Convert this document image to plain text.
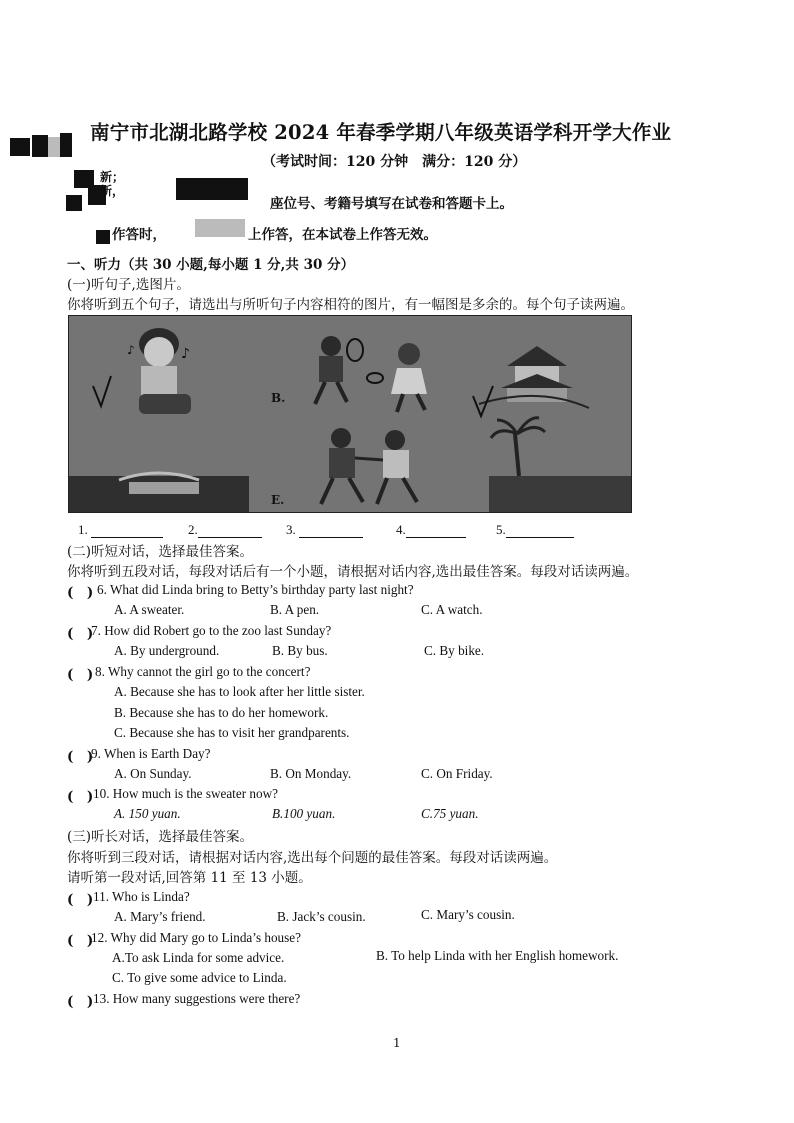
南宁市北湖北路学校 2024 年春季学期八年级英语学科开学大作业
（考试时间：120 分钟　满分：120 分）
新；
新，
座位号、考籍号填写在试卷和答题卡上。
作答时，	上作答，在本试卷上作答无效。
一、听力（共 30 小题,每小题 1 分,共 30 分）
(一)听句子,选图片。
你将听到五个句子，请选出与所听句子内容相符的图片，有一幅图是多余的。每个句子读两遍。
♪
♪
B.
E.
1.	2.	3.	4.	5.
(二)听短对话，选择最佳答案。
你将听到五段对话，每段对话后有一个小题，请根据对话内容,选出最佳答案。每段对话读两遍。
(　) 6. What did Linda bring to Betty’s birthday party last night?
A. A sweater.	B. A pen.	C. A watch.
(　)
7. How did Robert go to the zoo last Sunday?
A. By underground.	B. By bus.	C. By bike.
(　) 8. Why cannot the girl go to the concert?
A. Because she has to look after her little sister.
B. Because she has to do her homework.
C. Because she has to visit her grandparents.
(　)
9. When is Earth Day?
A. On Sunday.	B. On Monday.	C. On Friday.
(　) 10. How much is the sweater now?
A. 150 yuan.	B.100 yuan.	C.75 yuan.
(三)听长对话，选择最佳答案。
你将听到三段对话，请根据对话内容,选出每个问题的最佳答案。每段对话读两遍。
请听第一段对话,回答第 11 至 13 小题。
(　) 11. Who is Linda?
A. Mary’s friend.	B. Jack’s cousin.	C. Mary’s cousin.
(　)
12. Why did Mary go to Linda’s house?
A.To ask Linda for some advice.	B. To help Linda with her English homework.
C. To give some advice to Linda.
(　) 13. How many suggestions were there?
1
